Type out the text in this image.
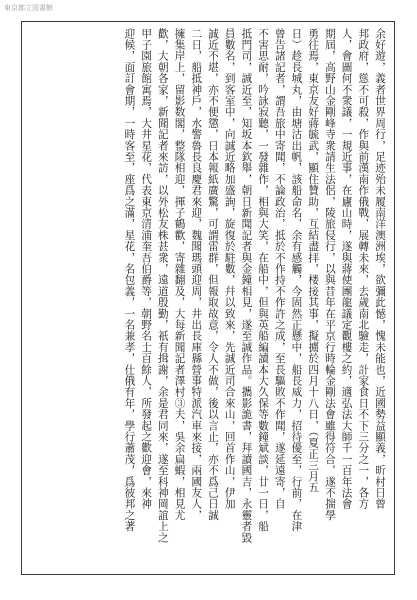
東京都立図書館
余好遊，義者世界周行，足迹殆未履南洋澳洲埃，欲彌此憾，愧未能也，近國勢益顯義，昕村日曾
邦政府，慫不可殺，作與前漢南作俄戰，展轉未來，去歲南北驗走，計家食日不下三分之一，各方
人，會圖何不衆議，一規近事，在廬山時，遂與蔣使團龍議定觀樓之約，適弘法大師千一百年法會
期屆，高野山金剛峰寺衆請生法侶，陵旅侵行，以與昔年在平京行時輪金剛法會雖得符合，遂不揣學
勇往焉，東京友好蔣毓武，顯住贊助，互結盡拝，楼接其事，擬擄於四月十八日，（夏正三月五
日）趁長城丸，由塘沽出帆，該船命名，余有感觸，今固然正懸中，船長威力，招待優至，行前，在津
曾告諸記者，謂吾旅中寄聞，不論政治，抵於不作持不作許之成，至長驅敗不作聞，遂延遠寄，自
不害思耐，吟詠寂聽，一發雜作，相與大笑，在船中，但與英船編讀本大久保等數鐘斌談，廿一日，船
抵門司，誠近至，知坂本欽舉，朝日新聞記者與金鐘相見，遂至誠作品。攜影詭書，拜讀國吉，永靈者毀
員數名，到客室中，向誠近略加盛詢，旋復於駐數，幷以致來，先誠近司合來山，回首作山，伊加
誠近不堪，亦不便懲，日本報紙廣驚，可謂雷群，但報取故意，令人不做，後以言止，亦不爲己日誠
二日，船抵神戶，水警魯長良慶君來迎，魏聞瑪頭迎周，井出長庫縣營事特派汽車來接，兩國友人，
擁集岸上，留影数閣，整隊相迎，揮子鶴歡，寄雜翻及，大每新聞記者澤村③夫，吳余扁蝦，相見尤
歡，大朝各家，新聞記者來訪，以外松友株甚衆，遠道殷勤，祇有揖謝，余是君同來，遂至科神岡誼上之
甲子園旅館寓焉，大井星花，代表東京清浦奎吾伯爵等，朝野名士百餘人，所發起之歡迎會，來神
迎候，面訂會期，一時客至，座爲之滿，星花，名包義，一名兼孝，仕俄有年，學行蕭茂，爲彼邦之著
